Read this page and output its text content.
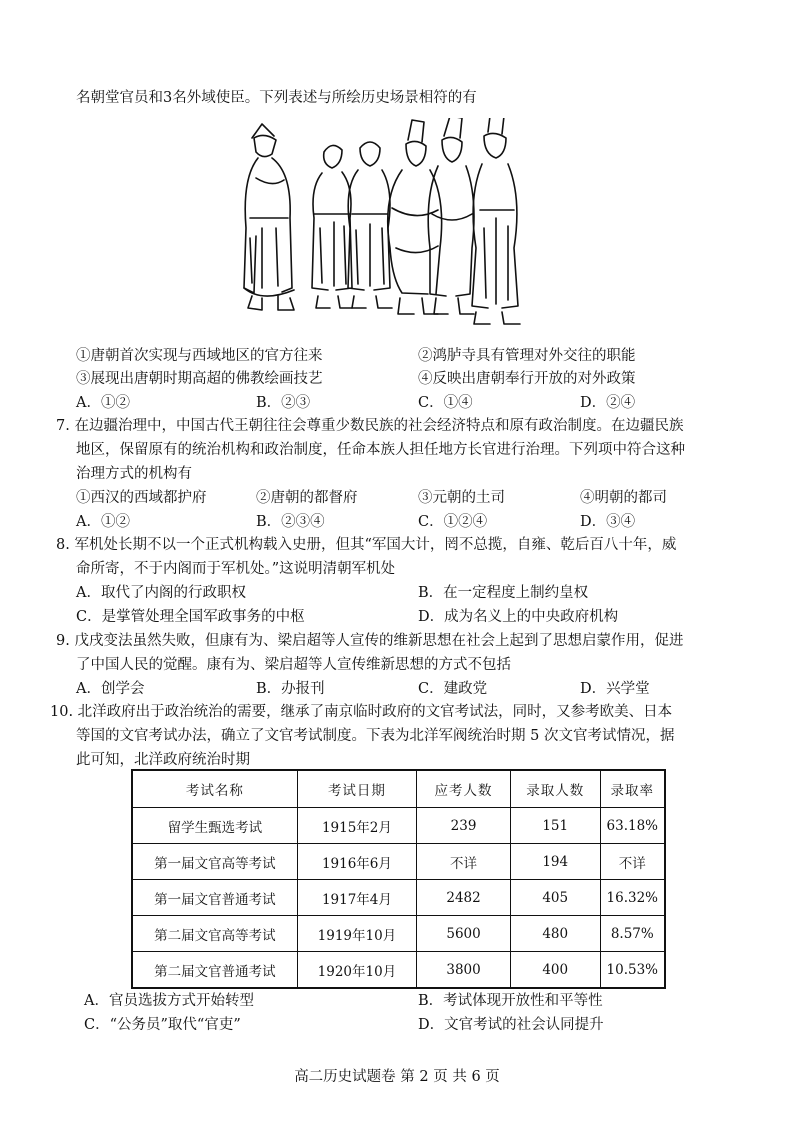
名朝堂官员和3名外域使臣。下列表述与所绘历史场景相符的有
①唐朝首次实现与西域地区的官方往来	②鸿胪寺具有管理对外交往的职能
③展现出唐朝时期高超的佛教绘画技艺	④反映出唐朝奉行开放的对外政策
A．①②	B．②③	C．①④	D．②④
7. 在边疆治理中，中国古代王朝往往会尊重少数民族的社会经济特点和原有政治制度。在边疆民族
地区，保留原有的统治机构和政治制度，任命本族人担任地方长官进行治理。下列项中符合这种
治理方式的机构有
①西汉的西域都护府	②唐朝的都督府	③元朝的土司	④明朝的都司
A．①②	B．②③④	C．①②④	D．③④
8. 军机处长期不以一个正式机构载入史册，但其“军国大计，罔不总揽，自雍、乾后百八十年，威
命所寄，不于内阁而于军机处。”这说明清朝军机处
A．取代了内阁的行政职权	B．在一定程度上制约皇权
C．是掌管处理全国军政事务的中枢	D．成为名义上的中央政府机构
9. 戊戌变法虽然失败，但康有为、梁启超等人宣传的维新思想在社会上起到了思想启蒙作用，促进
了中国人民的觉醒。康有为、梁启超等人宣传维新思想的方式不包括
A．创学会	B．办报刊	C．建政党	D．兴学堂
10. 北洋政府出于政治统治的需要，继承了南京临时政府的文官考试法，同时，又参考欧美、日本
等国的文官考试办法，确立了文官考试制度。下表为北洋军阀统治时期 5 次文官考试情况，据
此可知，北洋政府统治时期
考试名称	考试日期	应考人数	录取人数	录取率
留学生甄选考试	1915年2月	239	151	63.18%
第一届文官高等考试	1916年6月	不详	194	不详
第一届文官普通考试	1917年4月	2482	405	16.32%
第二届文官高等考试	1919年10月	5600	480	8.57%
第二届文官普通考试	1920年10月	3800	400	10.53%
A．官员选拔方式开始转型	B．考试体现开放性和平等性
C．“公务员”取代“官吏”	D．文官考试的社会认同提升
高二历史试题卷 第 2 页 共 6 页
